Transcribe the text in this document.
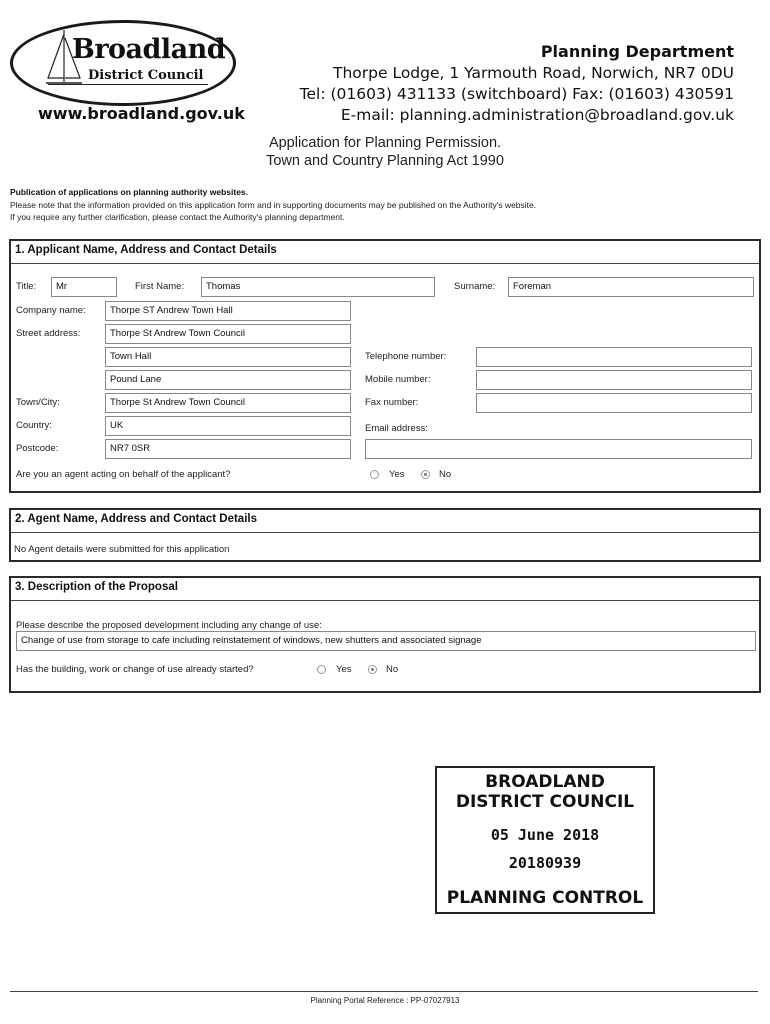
Broadland
District Council
www.broadland.gov.uk
Planning Department
Thorpe Lodge, 1 Yarmouth Road, Norwich, NR7 0DU
Tel: (01603) 431133 (switchboard) Fax: (01603) 430591
E-mail: planning.administration@broadland.gov.uk
Application for Planning Permission.
Town and Country Planning Act 1990
Publication of applications on planning authority websites.
Please note that the information provided on this application form and in supporting documents may be published on the Authority's website.
If you require any further clarification, please contact the Authority's planning department.
1. Applicant Name, Address and Contact Details
Title:	Mr	First Name:	Thomas	Surname:	Foreman
Company name:	Thorpe ST Andrew Town Hall
Street address:	Thorpe St Andrew Town Council
Town Hall
Pound Lane
Town/City:	Thorpe St Andrew Town Council
Country:	UK
Postcode:	NR7 0SR
Telephone number:
Mobile number:
Fax number:
Email address:
Are you an agent acting on behalf of the applicant?	Yes	No
2. Agent Name, Address and Contact Details
No Agent details were submitted for this application
3. Description of the Proposal
Please describe the proposed development including any change of use:
Change of use from storage to cafe including reinstatement of windows, new shutters and associated signage
Has the building, work or change of use already started?	Yes	No
BROADLAND
DISTRICT COUNCIL
05 June 2018
20180939
PLANNING CONTROL
Planning Portal Reference : PP-07027913
